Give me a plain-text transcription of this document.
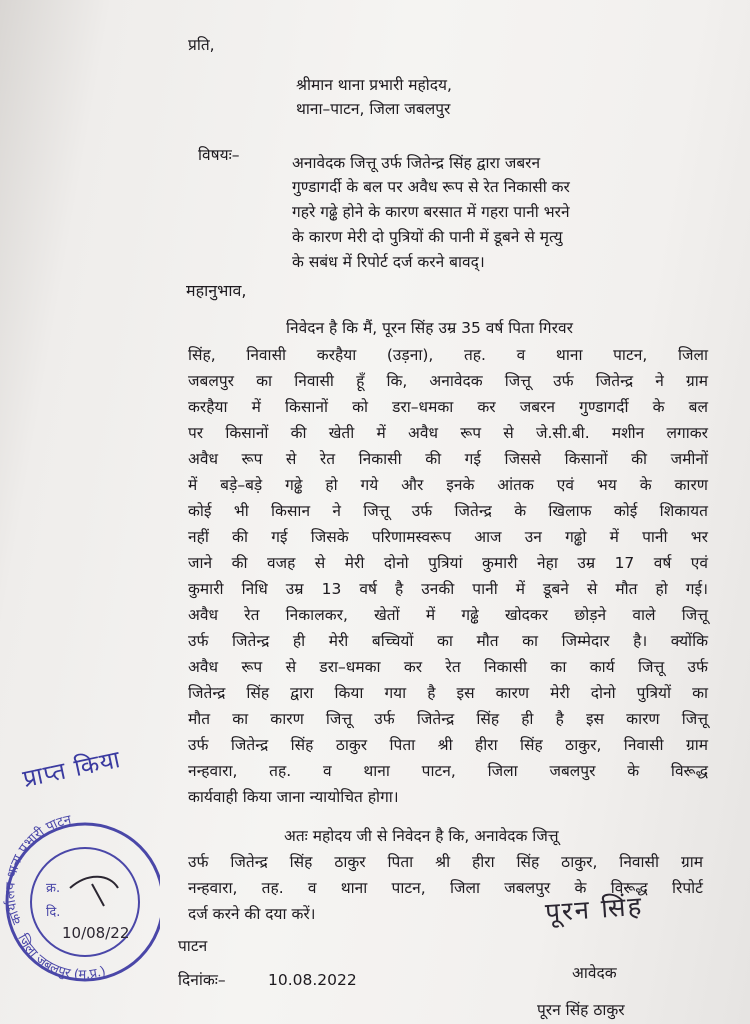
प्रति,
श्रीमान थाना प्रभारी महोदय,
थाना–पाटन, जिला जबलपुर
विषयः–	अनावेदक जित्तू उर्फ जितेन्द्र सिंह द्वारा जबरन
गुण्डागर्दी के बल पर अवैध रूप से रेत निकासी कर
गहरे गढ्ढे होने के कारण बरसात में गहरा पानी भरने
के कारण मेरी दो पुत्रियों की पानी में डूबने से मृत्यु
के सबंध में रिपोर्ट दर्ज करने बावद्।
महानुभाव,
निवेदन है कि मैं, पूरन सिंह उम्र 35 वर्ष पिता गिरवर
सिंह, निवासी करहैया (उड़ना), तह. व थाना पाटन, जिला
जबलपुर का निवासी हूँ कि, अनावेदक जित्तू उर्फ जितेन्द्र ने ग्राम
करहैया में किसानों को डरा–धमका कर जबरन गुण्डागर्दी के बल
पर किसानों की खेती में अवैध रूप से जे.सी.बी. मशीन लगाकर
अवैध रूप से रेत निकासी की गई जिससे किसानों की जमीनों
में बड़े–बड़े गढ्ढे हो गये और इनके आंतक एवं भय के कारण
कोई भी किसान ने जित्तू उर्फ जितेन्द्र के खिलाफ कोई शिकायत
नहीं की गई जिसके परिणामस्वरूप आज उन गढ्ढो में पानी भर
जाने की वजह से मेरी दोनो पुत्रियां कुमारी नेहा उम्र 17 वर्ष एवं
कुमारी निधि उम्र 13 वर्ष है उनकी पानी में डूबने से मौत हो गई।
अवैध रेत निकालकर, खेतों में गढ्ढे खोदकर छोड़ने वाले जित्तू
उर्फ जितेन्द्र ही मेरी बच्चियों का मौत का जिम्मेदार है। क्योंकि
अवैध रूप से डरा–धमका कर रेत निकासी का कार्य जित्तू उर्फ
जितेन्द्र सिंह द्वारा किया गया है इस कारण मेरी दोनो पुत्रियों का
मौत का कारण जित्तू उर्फ जितेन्द्र सिंह ही है इस कारण जित्तू
उर्फ जितेन्द्र सिंह ठाकुर पिता श्री हीरा सिंह ठाकुर, निवासी ग्राम
नन्हवारा, तह. व थाना पाटन, जिला जबलपुर के विरूद्ध
कार्यवाही किया जाना न्यायोचित होगा।
अतः महोदय जी से निवेदन है कि, अनावेदक जित्तू
उर्फ जितेन्द्र सिंह ठाकुर पिता श्री हीरा सिंह ठाकुर, निवासी ग्राम
नन्हवारा, तह. व थाना पाटन, जिला जबलपुर के विरूद्ध रिपोर्ट
दर्ज करने की दया करें।	पूरन सिंह
पाटन
दिनांकः–	10.08.2022	आवेदक
पूरन सिंह ठाकुर
प्राप्त किया
कार्यालय थाना प्रभारी पाटन
जिला जबलपुर (म.प्र.)
क्र.
दि.
10/08/22
